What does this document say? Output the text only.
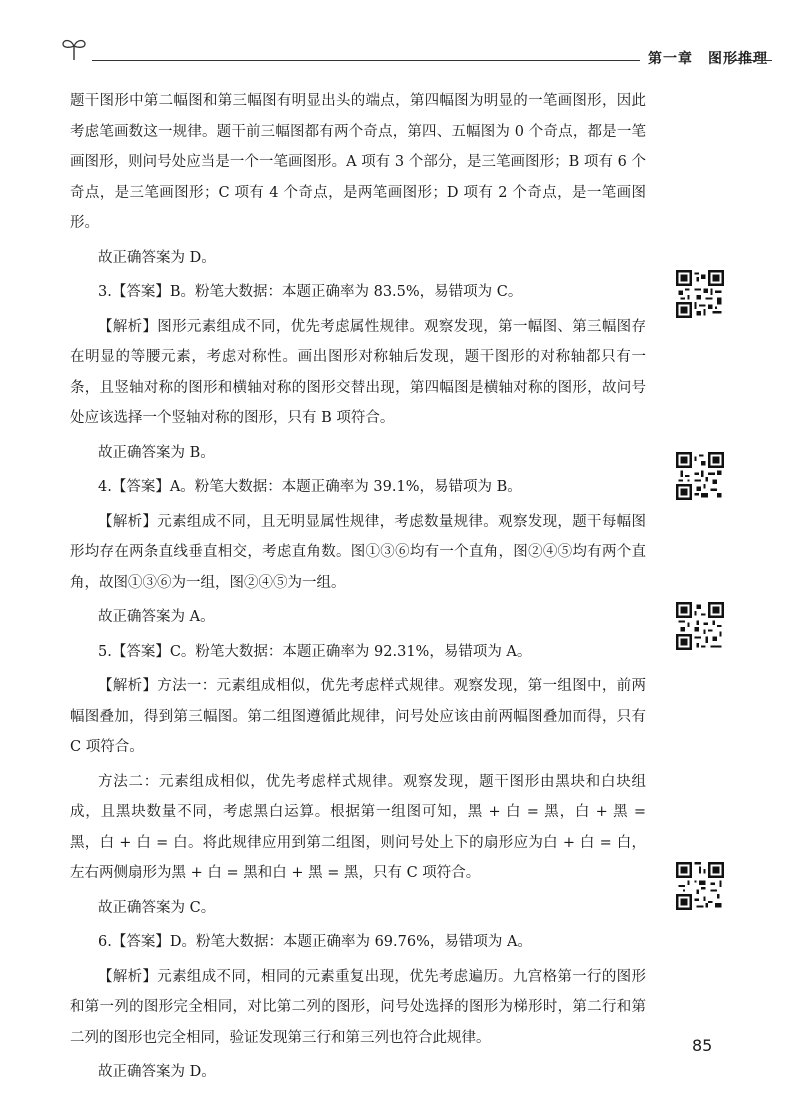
第一章　图形推理

题干图形中第二幅图和第三幅图有明显出头的端点，第四幅图为明显的一笔画图形，因此考虑笔画数这一规律。题干前三幅图都有两个奇点，第四、五幅图为 0 个奇点，都是一笔画图形，则问号处应当是一个一笔画图形。A 项有 3 个部分，是三笔画图形；B 项有 6 个奇点，是三笔画图形；C 项有 4 个奇点，是两笔画图形；D 项有 2 个奇点，是一笔画图形。

故正确答案为 D。

3.【答案】B。粉笔大数据：本题正确率为 83.5%，易错项为 C。

【解析】图形元素组成不同，优先考虑属性规律。观察发现，第一幅图、第三幅图存在明显的等腰元素，考虑对称性。画出图形对称轴后发现，题干图形的对称轴都只有一条，且竖轴对称的图形和横轴对称的图形交替出现，第四幅图是横轴对称的图形，故问号处应该选择一个竖轴对称的图形，只有 B 项符合。

故正确答案为 B。

4.【答案】A。粉笔大数据：本题正确率为 39.1%，易错项为 B。

【解析】元素组成不同，且无明显属性规律，考虑数量规律。观察发现，题干每幅图形均存在两条直线垂直相交，考虑直角数。图①③⑥均有一个直角，图②④⑤均有两个直角，故图①③⑥为一组，图②④⑤为一组。

故正确答案为 A。

5.【答案】C。粉笔大数据：本题正确率为 92.31%，易错项为 A。

【解析】方法一：元素组成相似，优先考虑样式规律。观察发现，第一组图中，前两幅图叠加，得到第三幅图。第二组图遵循此规律，问号处应该由前两幅图叠加而得，只有 C 项符合。

方法二：元素组成相似，优先考虑样式规律。观察发现，题干图形由黑块和白块组成，且黑块数量不同，考虑黑白运算。根据第一组图可知，黑 + 白 = 黑，白 + 黑 = 黑，白 + 白 = 白。将此规律应用到第二组图，则问号处上下的扇形应为白 + 白 = 白，左右两侧扇形为黑 + 白 = 黑和白 + 黑 = 黑，只有 C 项符合。

故正确答案为 C。

6.【答案】D。粉笔大数据：本题正确率为 69.76%，易错项为 A。

【解析】元素组成不同，相同的元素重复出现，优先考虑遍历。九宫格第一行的图形和第一列的图形完全相同，对比第二列的图形，问号处选择的图形为梯形时，第二行和第二列的图形也完全相同，验证发现第三行和第三列也符合此规律。

故正确答案为 D。

85
